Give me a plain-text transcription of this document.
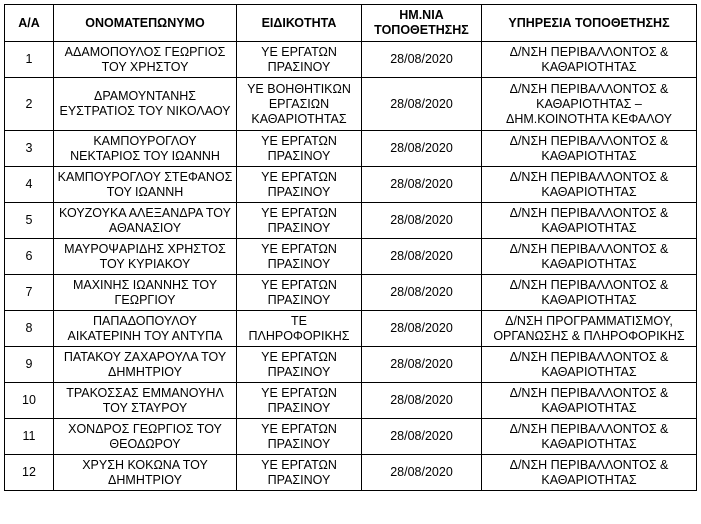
Α/Α	ΟΝΟΜΑΤΕΠΩΝΥΜΟ	ΕΙΔΙΚΟΤΗΤΑ	ΗΜ.ΝΙΑ ΤΟΠΟΘΕΤΗΣΗΣ	ΥΠΗΡΕΣΙΑ ΤΟΠΟΘΕΤΗΣΗΣ
1	ΑΔΑΜΟΠΟΥΛΟΣ ΓΕΩΡΓΙΟΣ ΤΟΥ ΧΡΗΣΤΟΥ	ΥΕ ΕΡΓΑΤΩΝ ΠΡΑΣΙΝΟΥ	28/08/2020	Δ/ΝΣΗ ΠΕΡΙΒΑΛΛΟΝΤΟΣ & ΚΑΘΑΡΙΟΤΗΤΑΣ
2	ΔΡΑΜΟΥΝΤΑΝΗΣ ΕΥΣΤΡΑΤΙΟΣ ΤΟΥ ΝΙΚΟΛΑΟΥ	ΥΕ ΒΟΗΘΗΤΙΚΩΝ ΕΡΓΑΣΙΩΝ ΚΑΘΑΡΙΟΤΗΤΑΣ	28/08/2020	Δ/ΝΣΗ ΠΕΡΙΒΑΛΛΟΝΤΟΣ & ΚΑΘΑΡΙΟΤΗΤΑΣ – ΔΗΜ.ΚΟΙΝΟΤΗΤΑ ΚΕΦΑΛΟΥ
3	ΚΑΜΠΟΥΡΟΓΛΟΥ ΝΕΚΤΑΡΙΟΣ ΤΟΥ ΙΩΑΝΝΗ	ΥΕ ΕΡΓΑΤΩΝ ΠΡΑΣΙΝΟΥ	28/08/2020	Δ/ΝΣΗ ΠΕΡΙΒΑΛΛΟΝΤΟΣ & ΚΑΘΑΡΙΟΤΗΤΑΣ
4	ΚΑΜΠΟΥΡΟΓΛΟΥ ΣΤΕΦΑΝΟΣ ΤΟΥ ΙΩΑΝΝΗ	ΥΕ ΕΡΓΑΤΩΝ ΠΡΑΣΙΝΟΥ	28/08/2020	Δ/ΝΣΗ ΠΕΡΙΒΑΛΛΟΝΤΟΣ & ΚΑΘΑΡΙΟΤΗΤΑΣ
5	ΚΟΥΖΟΥΚΑ ΑΛΕΞΑΝΔΡΑ ΤΟΥ ΑΘΑΝΑΣΙΟΥ	ΥΕ ΕΡΓΑΤΩΝ ΠΡΑΣΙΝΟΥ	28/08/2020	Δ/ΝΣΗ ΠΕΡΙΒΑΛΛΟΝΤΟΣ & ΚΑΘΑΡΙΟΤΗΤΑΣ
6	ΜΑΥΡΟΨΑΡΙΔΗΣ ΧΡΗΣΤΟΣ ΤΟΥ ΚΥΡΙΑΚΟΥ	ΥΕ ΕΡΓΑΤΩΝ ΠΡΑΣΙΝΟΥ	28/08/2020	Δ/ΝΣΗ ΠΕΡΙΒΑΛΛΟΝΤΟΣ & ΚΑΘΑΡΙΟΤΗΤΑΣ
7	ΜΑΧΙΝΗΣ ΙΩΑΝΝΗΣ ΤΟΥ ΓΕΩΡΓΙΟΥ	ΥΕ ΕΡΓΑΤΩΝ ΠΡΑΣΙΝΟΥ	28/08/2020	Δ/ΝΣΗ ΠΕΡΙΒΑΛΛΟΝΤΟΣ & ΚΑΘΑΡΙΟΤΗΤΑΣ
8	ΠΑΠΑΔΟΠΟΥΛΟΥ ΑΙΚΑΤΕΡΙΝΗ ΤΟΥ ΑΝΤΥΠΑ	ΤΕ ΠΛΗΡΟΦΟΡΙΚΗΣ	28/08/2020	Δ/ΝΣΗ ΠΡΟΓΡΑΜΜΑΤΙΣΜΟΥ, ΟΡΓΑΝΩΣΗΣ & ΠΛΗΡΟΦΟΡΙΚΗΣ
9	ΠΑΤΑΚΟΥ ΖΑΧΑΡΟΥΛΑ ΤΟΥ ΔΗΜΗΤΡΙΟΥ	ΥΕ ΕΡΓΑΤΩΝ ΠΡΑΣΙΝΟΥ	28/08/2020	Δ/ΝΣΗ ΠΕΡΙΒΑΛΛΟΝΤΟΣ & ΚΑΘΑΡΙΟΤΗΤΑΣ
10	ΤΡΑΚΟΣΣΑΣ ΕΜΜΑΝΟΥΗΛ ΤΟΥ ΣΤΑΥΡΟΥ	ΥΕ ΕΡΓΑΤΩΝ ΠΡΑΣΙΝΟΥ	28/08/2020	Δ/ΝΣΗ ΠΕΡΙΒΑΛΛΟΝΤΟΣ & ΚΑΘΑΡΙΟΤΗΤΑΣ
11	ΧΟΝΔΡΟΣ ΓΕΩΡΓΙΟΣ ΤΟΥ ΘΕΟΔΩΡΟΥ	ΥΕ ΕΡΓΑΤΩΝ ΠΡΑΣΙΝΟΥ	28/08/2020	Δ/ΝΣΗ ΠΕΡΙΒΑΛΛΟΝΤΟΣ & ΚΑΘΑΡΙΟΤΗΤΑΣ
12	ΧΡΥΣΗ ΚΟΚΩΝΑ ΤΟΥ ΔΗΜΗΤΡΙΟΥ	ΥΕ ΕΡΓΑΤΩΝ ΠΡΑΣΙΝΟΥ	28/08/2020	Δ/ΝΣΗ ΠΕΡΙΒΑΛΛΟΝΤΟΣ & ΚΑΘΑΡΙΟΤΗΤΑΣ
